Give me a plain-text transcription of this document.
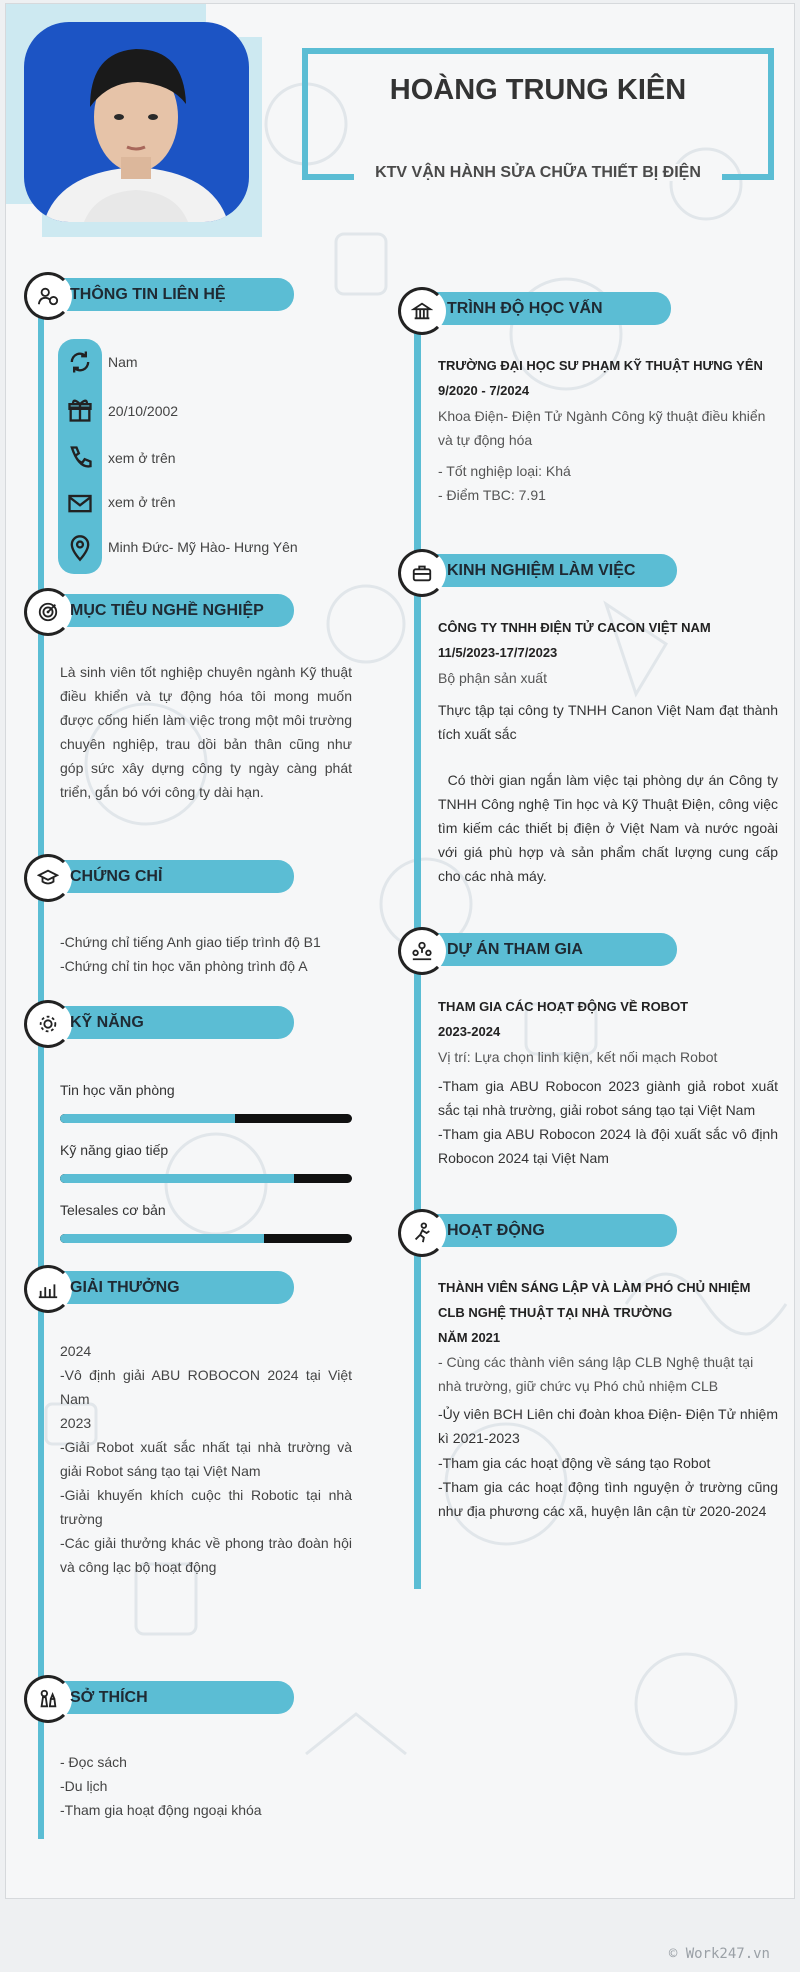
HOÀNG TRUNG KIÊN
KTV VẬN HÀNH SỬA CHỮA THIẾT BỊ ĐIỆN
THÔNG TIN LIÊN HỆ
Nam
20/10/2002
xem ở trên
xem ở trên
Minh Đức- Mỹ Hào- Hưng Yên
MỤC TIÊU NGHỀ NGHIỆP
Là sinh viên tốt nghiệp chuyên ngành Kỹ thuật điều khiển và tự động hóa tôi mong muốn được cống hiến làm việc trong một môi trường chuyên nghiệp, trau dồi bản thân cũng như góp sức xây dựng công ty ngày càng phát triển, gắn bó với công ty dài hạn.
CHỨNG CHỈ
-Chứng chỉ tiếng Anh giao tiếp trình độ B1
-Chứng chỉ tin học văn phòng trình độ A
KỸ NĂNG
Tin học văn phòng
Kỹ năng giao tiếp
Telesales cơ bản
GIẢI THƯỞNG
2024
-Vô định giải ABU ROBOCON 2024 tại Việt Nam
2023
-Giải Robot xuất sắc nhất tại nhà trường và giải Robot sáng tạo tại Việt Nam
-Giải khuyến khích cuộc thi Robotic tại nhà trường
-Các giải thưởng khác về phong trào đoàn hội và công lạc bộ hoạt động
SỞ THÍCH
- Đọc sách
-Du lịch
-Tham gia hoạt động ngoại khóa
TRÌNH ĐỘ HỌC VẤN
TRƯỜNG ĐẠI HỌC SƯ PHẠM KỸ THUẬT HƯNG YÊN
9/2020 - 7/2024
Khoa Điện- Điện Tử Ngành Công kỹ thuật điều khiển và tự động hóa
- Tốt nghiệp loại: Khá
- Điểm TBC: 7.91
KINH NGHIỆM LÀM VIỆC
CÔNG TY TNHH ĐIỆN TỬ CACON VIỆT NAM
11/5/2023-17/7/2023
Bộ phận sản xuất
Thực tập tại công ty TNHH Canon Việt Nam đạt thành tích xuất sắc
Có thời gian ngắn làm việc tại phòng dự án Công ty TNHH Công nghệ Tin học và Kỹ Thuật Điện, công việc tìm kiếm các thiết bị điện ở Việt Nam và nước ngoài với giá phù hợp và sản phẩm chất lượng cung cấp cho các nhà máy.
DỰ ÁN THAM GIA
THAM GIA CÁC HOẠT ĐỘNG VỀ ROBOT
2023-2024
Vị trí: Lựa chọn linh kiện, kết nối mạch Robot
-Tham gia ABU Robocon 2023 giành giả robot xuất sắc tại nhà trường, giải robot sáng tạo tại Việt Nam
-Tham gia ABU Robocon 2024 là đội xuất sắc vô định Robocon 2024 tại Việt Nam
HOẠT ĐỘNG
THÀNH VIÊN SÁNG LẬP VÀ LÀM PHÓ CHỦ NHIỆM CLB NGHỆ THUẬT TẠI NHÀ TRƯỜNG
NĂM 2021
- Cùng các thành viên sáng lập CLB Nghệ thuật tại nhà trường, giữ chức vụ Phó chủ nhiệm CLB
-Ủy viên BCH Liên chi đoàn khoa Điện- Điện Tử nhiệm kì 2021-2023
-Tham gia các hoạt động về sáng tạo Robot
-Tham gia các hoạt động tình nguyện ở trường cũng như địa phương các xã, huyện lân cận từ 2020-2024
© Work247.vn
